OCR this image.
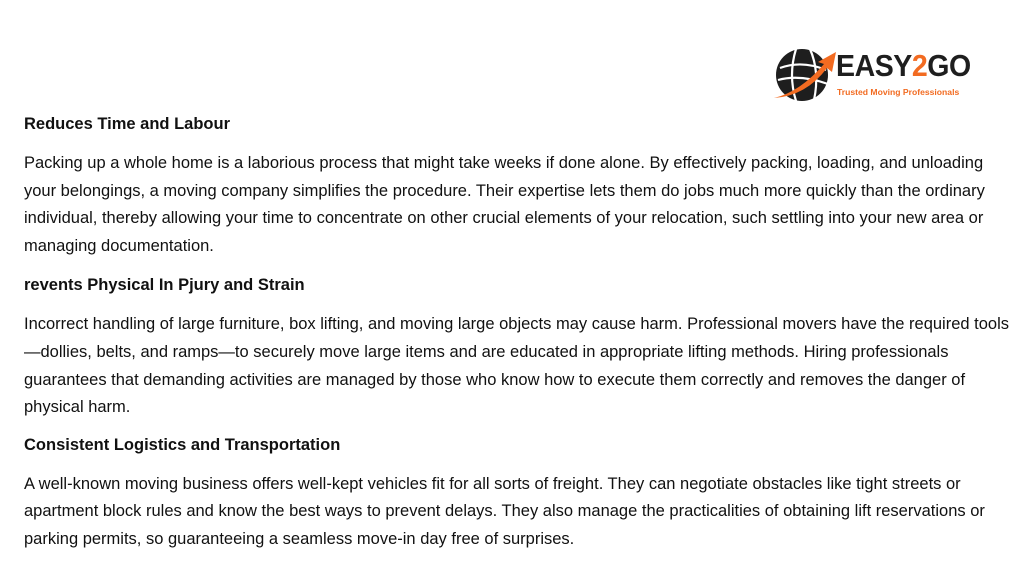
EASY2GO
Trusted Moving Professionals
Reduces Time and Labour

Packing up a whole home is a laborious process that might take weeks if done alone. By effectively packing, loading, and unloading your belongings, a moving company simplifies the procedure. Their expertise lets them do jobs much more quickly than the ordinary individual, thereby allowing your time to concentrate on other crucial elements of your relocation, such settling into your new area or managing documentation.

revents Physical In Pjury and Strain

Incorrect handling of large furniture, box lifting, and moving large objects may cause harm. Professional movers have the required tools—dollies, belts, and ramps—to securely move large items and are educated in appropriate lifting methods. Hiring professionals guarantees that demanding activities are managed by those who know how to execute them correctly and removes the danger of physical harm.

Consistent Logistics and Transportation

A well-known moving business offers well-kept vehicles fit for all sorts of freight. They can negotiate obstacles like tight streets or apartment block rules and know the best ways to prevent delays. They also manage the practicalities of obtaining lift reservations or parking permits, so guaranteeing a seamless move-in day free of surprises.
